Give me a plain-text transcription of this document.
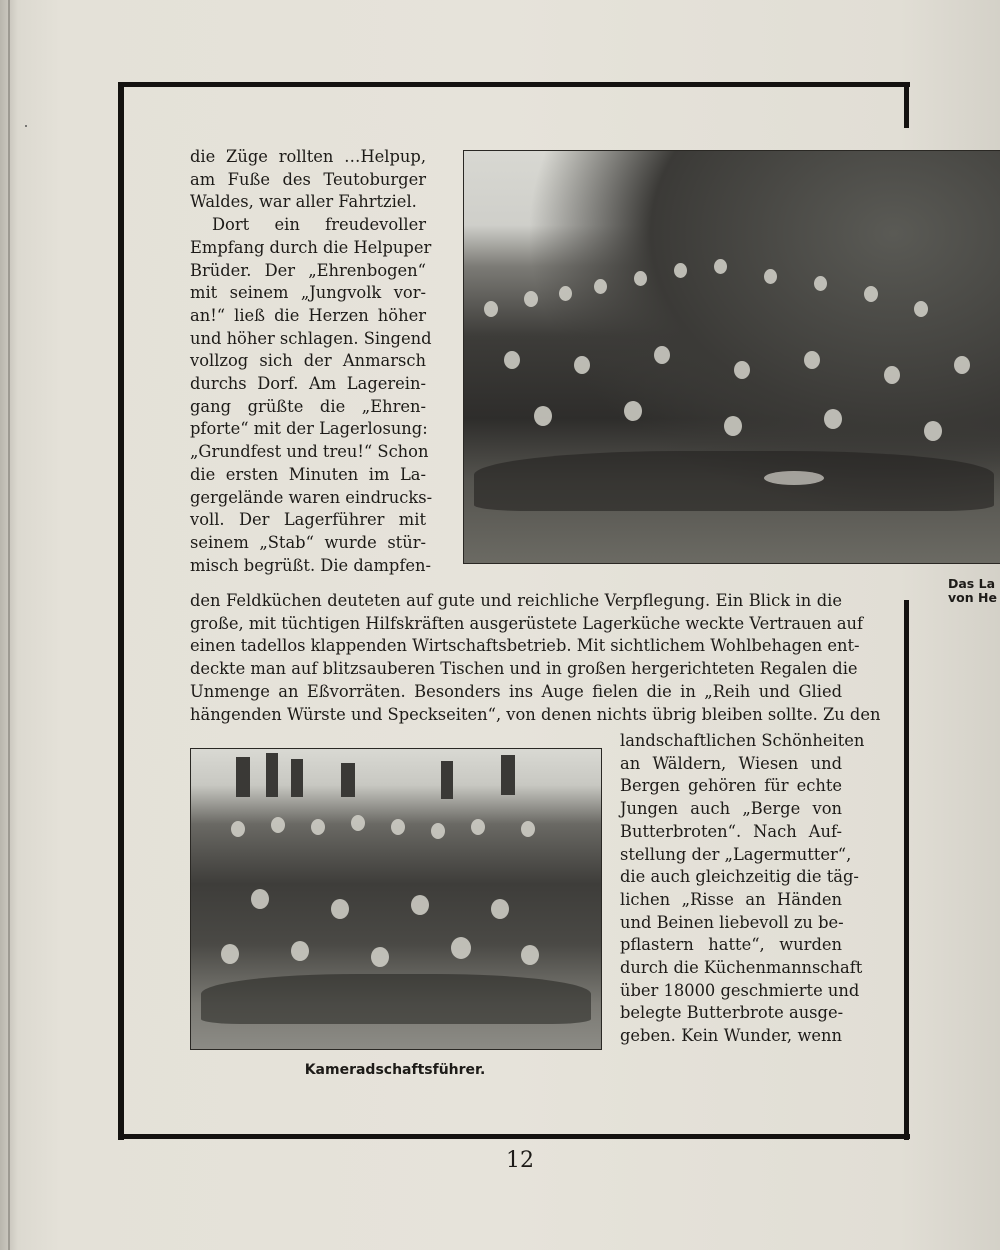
die Züge rollten …Helpup,
am Fuße des Teutoburger
Waldes, war aller Fahrtziel.
Dort ein freudevoller
Empfang durch die Helpuper
Brüder. Der „Ehrenbogen“
mit seinem „Jungvolk vor-
an!“ ließ die Herzen höher
und höher schlagen. Singend
vollzog sich der Anmarsch
durchs Dorf. Am Lagerein-
gang grüßte die „Ehren-
pforte“ mit der Lagerlosung:
„Grundfest und treu!“ Schon
die ersten Minuten im La-
gergelände waren eindrucks-
voll. Der Lagerführer mit
seinem „Stab“ wurde stür-
misch begrüßt. Die dampfen-
den Feldküchen deuteten auf gute und reichliche Verpflegung. Ein Blick in die
große, mit tüchtigen Hilfskräften ausgerüstete Lagerküche weckte Vertrauen auf
einen tadellos klappenden Wirtschaftsbetrieb. Mit sichtlichem Wohlbehagen ent-
deckte man auf blitzsauberen Tischen und in großen hergerichteten Regalen die
Unmenge an Eßvorräten. Besonders ins Auge fielen die in „Reih und Glied
hängenden Würste und Speckseiten“, von denen nichts übrig bleiben sollte. Zu den
landschaftlichen Schönheiten
an Wäldern, Wiesen und
Bergen gehören für echte
Jungen auch „Berge von
Butterbroten“. Nach Auf-
stellung der „Lagermutter“,
die auch gleichzeitig die täg-
lichen „Risse an Händen
und Beinen liebevoll zu be-
pflastern hatte“, wurden
durch die Küchenmannschaft
über 18000 geschmierte und
belegte Butterbrote ausge-
geben. Kein Wunder, wenn
Kameradschaftsführer.
Das La
von He
12
